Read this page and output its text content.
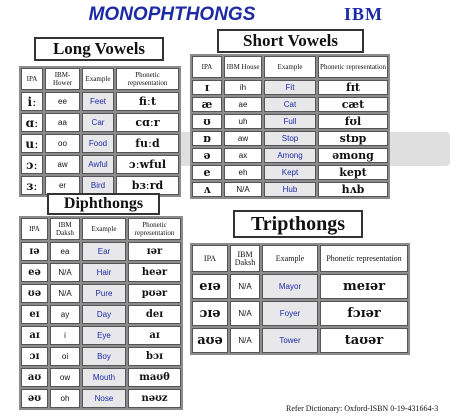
MONOPHTHONGS	IBM
Long Vowels
IPA	IBM-Hower	Example	Phonetic representation
iː	ee	Feet	fiːt
ɑː	aa	Car	cɑːr
uː	oo	Food	fuːd
ɔː	aw	Awful	ɔːwful
ɜː	er	Bird	bɜːrd
Short Vowels
IPA	IBM House	Example	Phonetic representation
ɪ	ih	Fit	fɪt
æ	ae	Cat	cæt
ʊ	uh	Full	fʊl
ɒ	aw	Stop	stɒp
ə	ax	Among	əmong
e	eh	Kept	kept
ʌ	N/A	Hub	hʌb
Diphthongs
IPA	IBM Daksh	Example	Phonetic representation
ɪə	ea	Ear	ɪər
eə	N/A	Hair	heər
ʊə	N/A	Pure	pʊər
eɪ	ay	Day	deɪ
aɪ	i	Eye	aɪ
ɔɪ	oi	Boy	bɔɪ
aʊ	ow	Mouth	maʊθ
əʊ	oh	Nose	nəʊz
Tripthongs
IPA	IBM Daksh	Example	Phonetic representation
eɪə	N/A	Mayor	meɪər
ɔɪə	N/A	Foyer	fɔɪər
aʊə	N/A	Tower	taʊər
Refer Dictionary: Oxford-ISBN 0-19-431664-3
